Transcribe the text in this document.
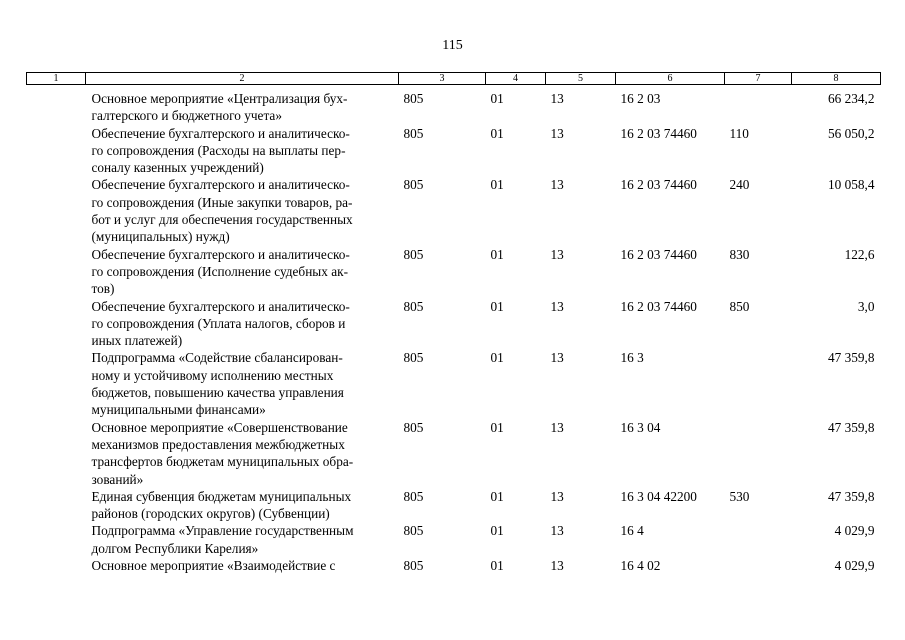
115
1	2	3	4	5	6	7	8

	Основное мероприятие «Централизация бух-
галтерского и бюджетного учета»	805	01	13	16 2 03		66 234,2

	Обеспечение бухгалтерского и аналитическо-
го сопровождения (Расходы на выплаты пер-
соналу казенных учреждений)	805	01	13	16 2 03 74460	110	56 050,2

	Обеспечение бухгалтерского и аналитическо-
го сопровождения (Иные закупки товаров, ра-
бот и услуг для обеспечения государственных
(муниципальных) нужд)	805	01	13	16 2 03 74460	240	10 058,4

	Обеспечение бухгалтерского и аналитическо-
го сопровождения (Исполнение судебных ак-
тов)	805	01	13	16 2 03 74460	830	122,6

	Обеспечение бухгалтерского и аналитическо-
го сопровождения (Уплата налогов, сборов и
иных платежей)	805	01	13	16 2 03 74460	850	3,0

	Подпрограмма «Содействие сбалансирован-
ному и устойчивому исполнению местных
бюджетов, повышению качества управления
муниципальными финансами»	805	01	13	16 3		47 359,8

	Основное мероприятие «Совершенствование
механизмов предоставления межбюджетных
трансфертов бюджетам муниципальных обра-
зований»	805	01	13	16 3 04		47 359,8

	Единая субвенция бюджетам муниципальных
районов (городских округов) (Субвенции)	805	01	13	16 3 04 42200	530	47 359,8

	Подпрограмма «Управление государственным
долгом Республики Карелия»	805	01	13	16 4		4 029,9

	Основное мероприятие «Взаимодействие с	805	01	13	16 4 02		4 029,9
